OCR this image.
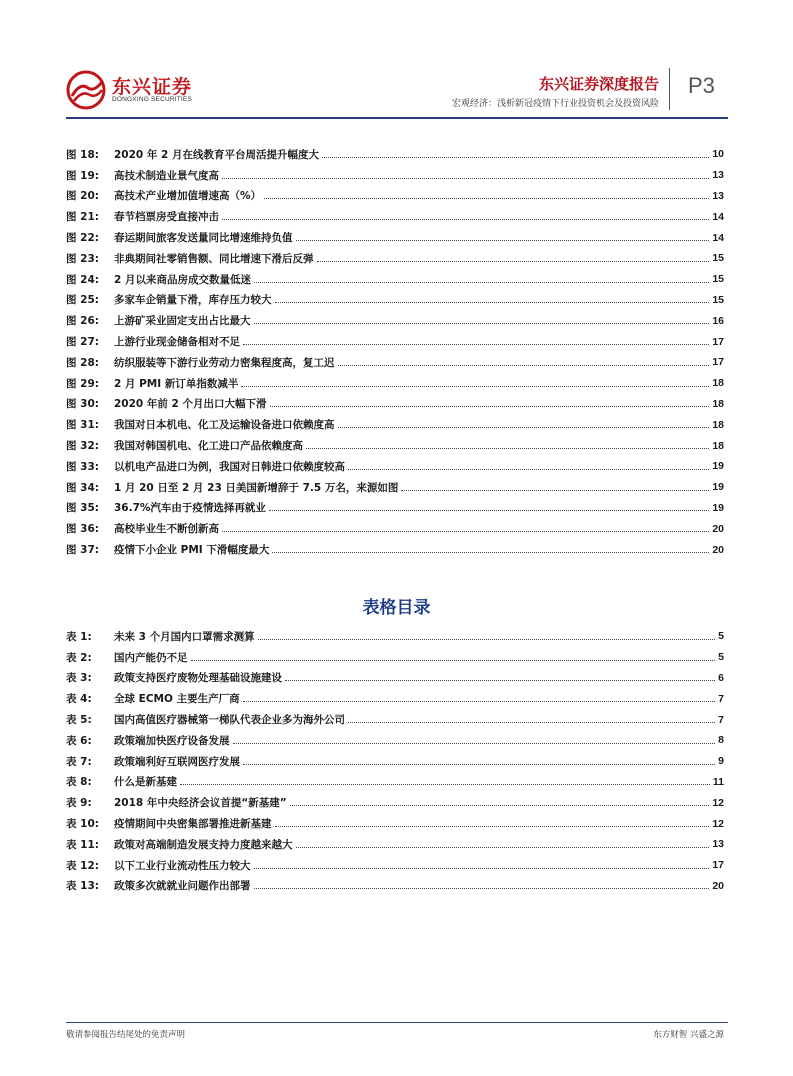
东兴证券
DONGXING SECURITIES
东兴证券深度报告
宏观经济：浅析新冠疫情下行业投资机会及投资风险
P3
图 18:	2020 年 2 月在线教育平台周活提升幅度大	10
图 19:	高技术制造业景气度高	13
图 20:	高技术产业增加值增速高（%）	13
图 21:	春节档票房受直接冲击	14
图 22:	春运期间旅客发送量同比增速维持负值	14
图 23:	非典期间社零销售额、同比增速下滑后反弹	15
图 24:	2 月以来商品房成交数量低迷	15
图 25:	多家车企销量下滑，库存压力较大	15
图 26:	上游矿采业固定支出占比最大	16
图 27:	上游行业现金储备相对不足	17
图 28:	纺织服装等下游行业劳动力密集程度高，复工迟	17
图 29:	2 月 PMI 新订单指数减半	18
图 30:	2020 年前 2 个月出口大幅下滑	18
图 31:	我国对日本机电、化工及运输设备进口依赖度高	18
图 32:	我国对韩国机电、化工进口产品依赖度高	18
图 33:	以机电产品进口为例，我国对日韩进口依赖度较高	19
图 34:	1 月 20 日至 2 月 23 日美国新增辞于 7.5 万名，来源如图	19
图 35:	36.7%汽车由于疫情选择再就业	19
图 36:	高校毕业生不断创新高	20
图 37:	疫情下小企业 PMI 下滑幅度最大	20
表格目录
表 1:	未来 3 个月国内口罩需求测算	5
表 2:	国内产能仍不足	5
表 3:	政策支持医疗废物处理基础设施建设	6
表 4:	全球 ECMO 主要生产厂商	7
表 5:	国内高值医疗器械第一梯队代表企业多为海外公司	7
表 6:	政策端加快医疗设备发展	8
表 7:	政策端利好互联网医疗发展	9
表 8:	什么是新基建	11
表 9:	2018 年中央经济会议首提“新基建”	12
表 10:	疫情期间中央密集部署推进新基建	12
表 11:	政策对高端制造发展支持力度越来越大	13
表 12:	以下工业行业流动性压力较大	17
表 13:	政策多次就就业问题作出部署	20
敬请参阅报告结尾处的免责声明	东方财智 兴盛之源
